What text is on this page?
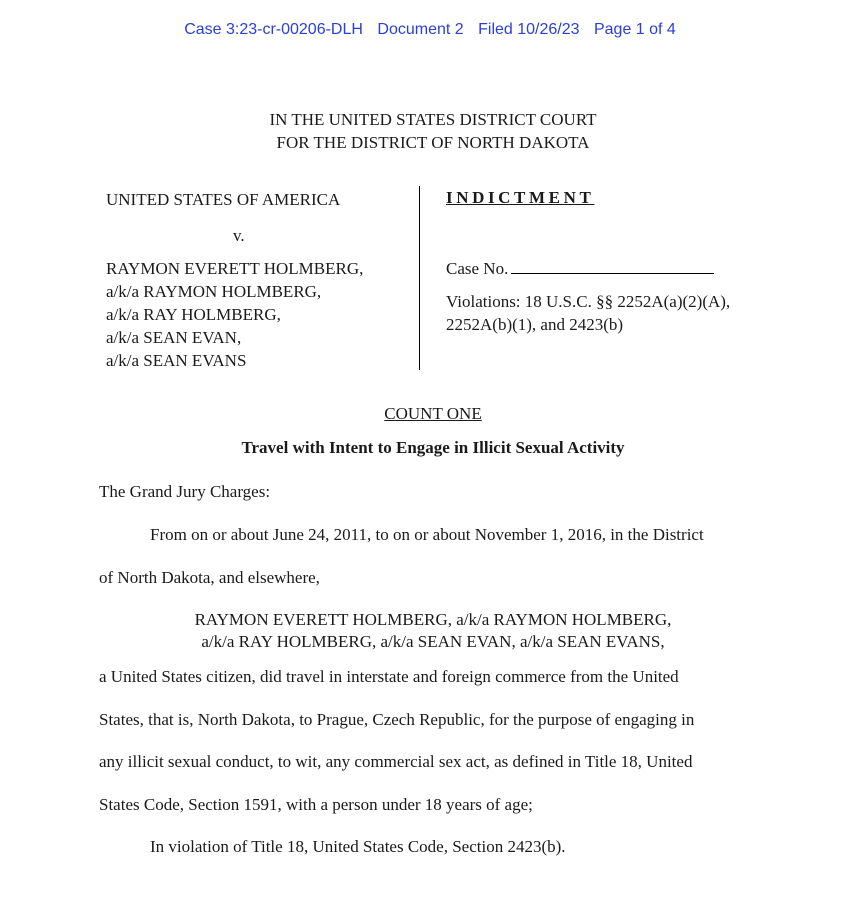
Case 3:23-cr-00206-DLH Document 2 Filed 10/26/23 Page 1 of 4
IN THE UNITED STATES DISTRICT COURT
FOR THE DISTRICT OF NORTH DAKOTA
UNITED STATES OF AMERICA
v.
RAYMON EVERETT HOLMBERG,
a/k/a RAYMON HOLMBERG,
a/k/a RAY HOLMBERG,
a/k/a SEAN EVAN,
a/k/a SEAN EVANS
INDICTMENT
Case No.
Violations: 18 U.S.C. §§ 2252A(a)(2)(A),
2252A(b)(1), and 2423(b)
COUNT ONE
Travel with Intent to Engage in Illicit Sexual Activity
The Grand Jury Charges:
From on or about June 24, 2011, to on or about November 1, 2016, in the District
of North Dakota, and elsewhere,
RAYMON EVERETT HOLMBERG, a/k/a RAYMON HOLMBERG,
a/k/a RAY HOLMBERG, a/k/a SEAN EVAN, a/k/a SEAN EVANS,
a United States citizen, did travel in interstate and foreign commerce from the United
States, that is, North Dakota, to Prague, Czech Republic, for the purpose of engaging in
any illicit sexual conduct, to wit, any commercial sex act, as defined in Title 18, United
States Code, Section 1591, with a person under 18 years of age;
In violation of Title 18, United States Code, Section 2423(b).
